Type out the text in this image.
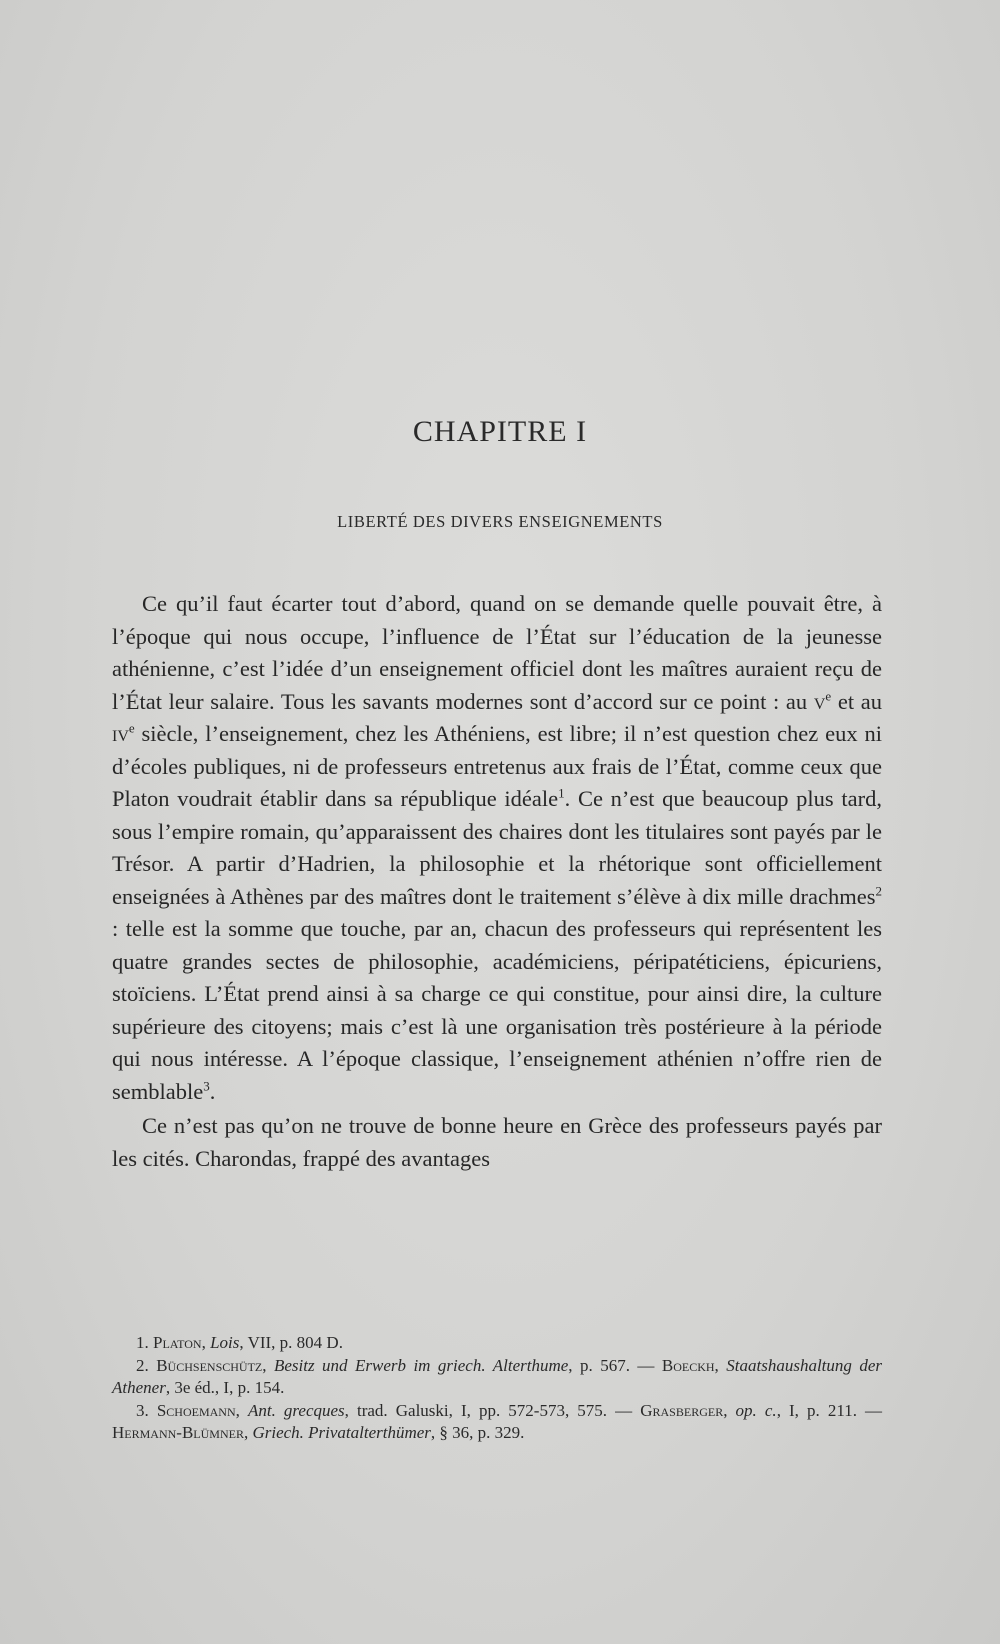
CHAPITRE I
LIBERTÉ DES DIVERS ENSEIGNEMENTS

Ce qu’il faut écarter tout d’abord, quand on se demande quelle pouvait être, à l’époque qui nous occupe, l’influence de l’État sur l’éducation de la jeunesse athénienne, c’est l’idée d’un enseignement officiel dont les maîtres auraient reçu de l’État leur salaire. Tous les savants modernes sont d’accord sur ce point : au $v^e$ et au $iv^e$ siècle, l’enseignement, chez les Athéniens, est libre; il n’est question chez eux ni d’écoles publiques, ni de professeurs entretenus aux frais de l’État, comme ceux que Platon voudrait établir dans sa république idéale$^1$. Ce n’est que beaucoup plus tard, sous l’empire romain, qu’apparaissent des chaires dont les titulaires sont payés par le Trésor. A partir d’Hadrien, la philosophie et la rhétorique sont officiellement enseignées à Athènes par des maîtres dont le traitement s’élève à dix mille drachmes$^2$ : telle est la somme que touche, par an, chacun des professeurs qui représentent les quatre grandes sectes de philosophie, académiciens, péripatéticiens, épicuriens, stoïciens. L’État prend ainsi à sa charge ce qui constitue, pour ainsi dire, la culture supérieure des citoyens; mais c’est là une organisation très postérieure à la période qui nous intéresse. A l’époque classique, l’enseignement athénien n’offre rien de semblable$^3$.

Ce n’est pas qu’on ne trouve de bonne heure en Grèce des professeurs payés par les cités. Charondas, frappé des avantages

1. Platon, Lois, VII, p. 804 D.

2. Büchsenschütz, Besitz und Erwerb im griech. Alterthume, p. 567. — Boeckh, Staatshaushaltung der Athener, 3e éd., I, p. 154.

3. Schoemann, Ant. grecques, trad. Galuski, I, pp. 572-573, 575. — Grasberger, op. c., I, p. 211. — Hermann-Blümner, Griech. Privatalterthümer, § 36, p. 329.
